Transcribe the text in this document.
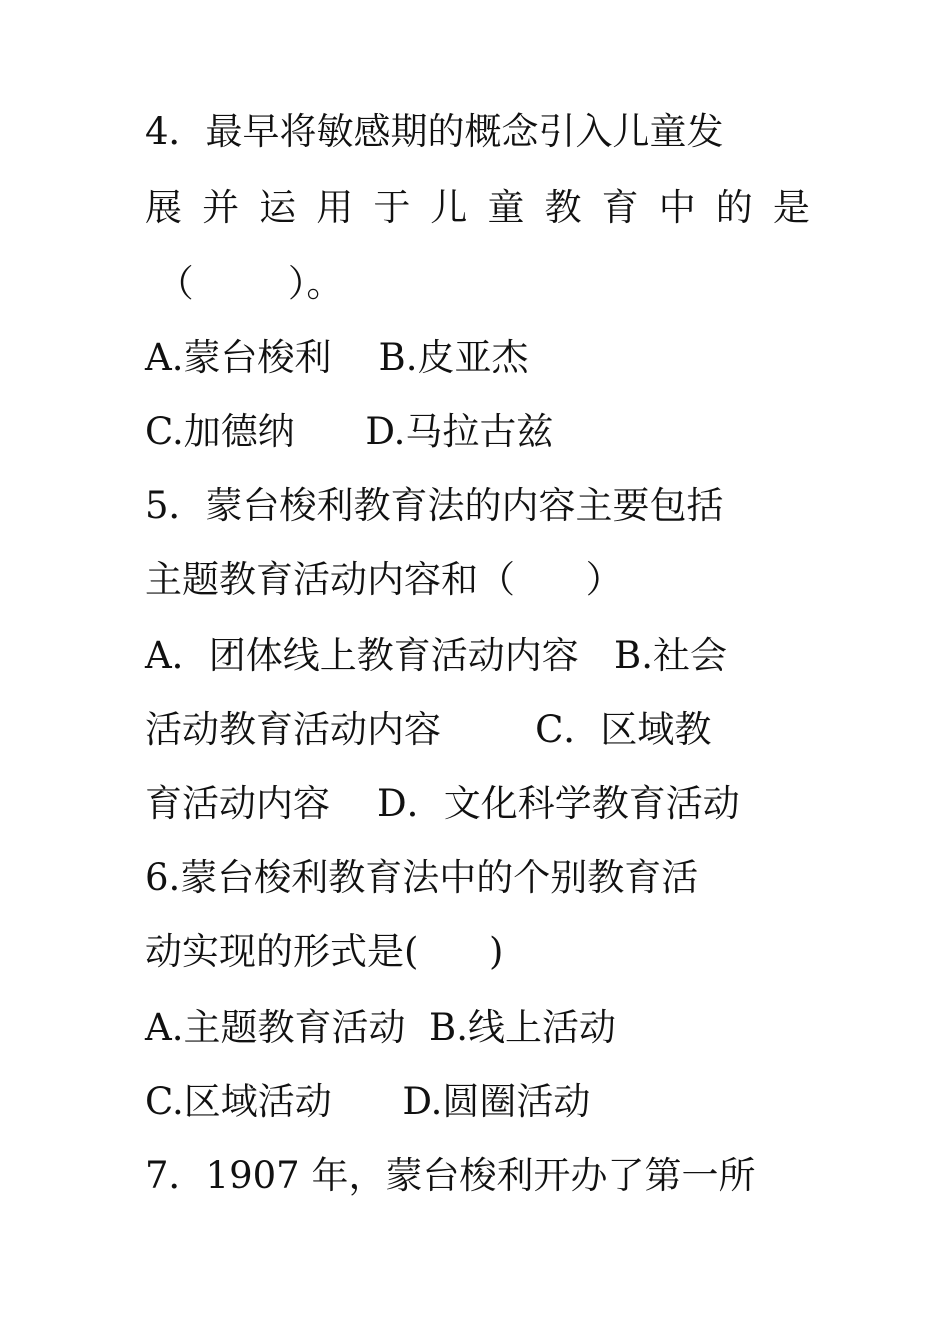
4．最早将敏感期的概念引入儿童发
展 并 运 用 于 儿 童 教 育 中 的 是
（        ）。
A.蒙台梭利    B.皮亚杰
C.加德纳      D.马拉古兹
5．蒙台梭利教育法的内容主要包括
主题教育活动内容和（      ）
A．团体线上教育活动内容   B.社会
活动教育活动内容        C．区域教
育活动内容    D．文化科学教育活动
6.蒙台梭利教育法中的个别教育活
动实现的形式是(      )
A.主题教育活动  B.线上活动
C.区域活动      D.圆圈活动
7．1907 年，蒙台梭利开办了第一所
